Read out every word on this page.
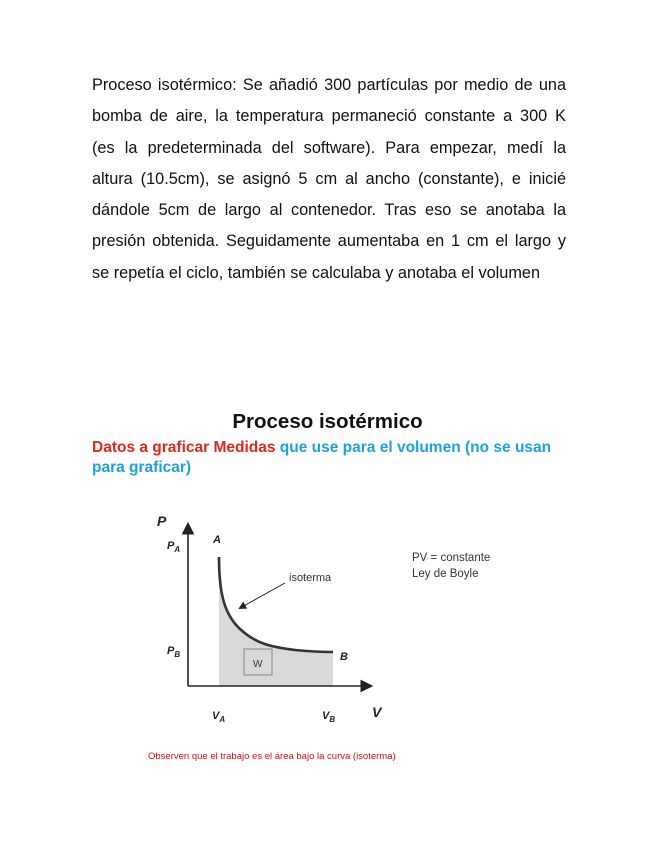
Proceso isotérmico: Se añadió 300 partículas por medio de una
bomba de aire, la temperatura permaneció constante a 300 K
(es la predeterminada del software). Para empezar, medí la
altura (10.5cm), se asignó 5 cm al ancho (constante), e inicié
dándole 5cm de largo al contenedor. Tras eso se anotaba la
presión obtenida. Seguidamente aumentaba en 1 cm el largo y
se repetía el ciclo, también se calculaba y anotaba el volumen
Proceso isotérmico
Datos a graficar Medidas que use para el volumen (no se usan para graficar)
W
P
V
$P_A$
$P_B$
$V_A$	$V_B$
A
B
isoterma
PV = constante
Ley de Boyle
Observen que el trabajo es el área bajo la curva (isoterma)
